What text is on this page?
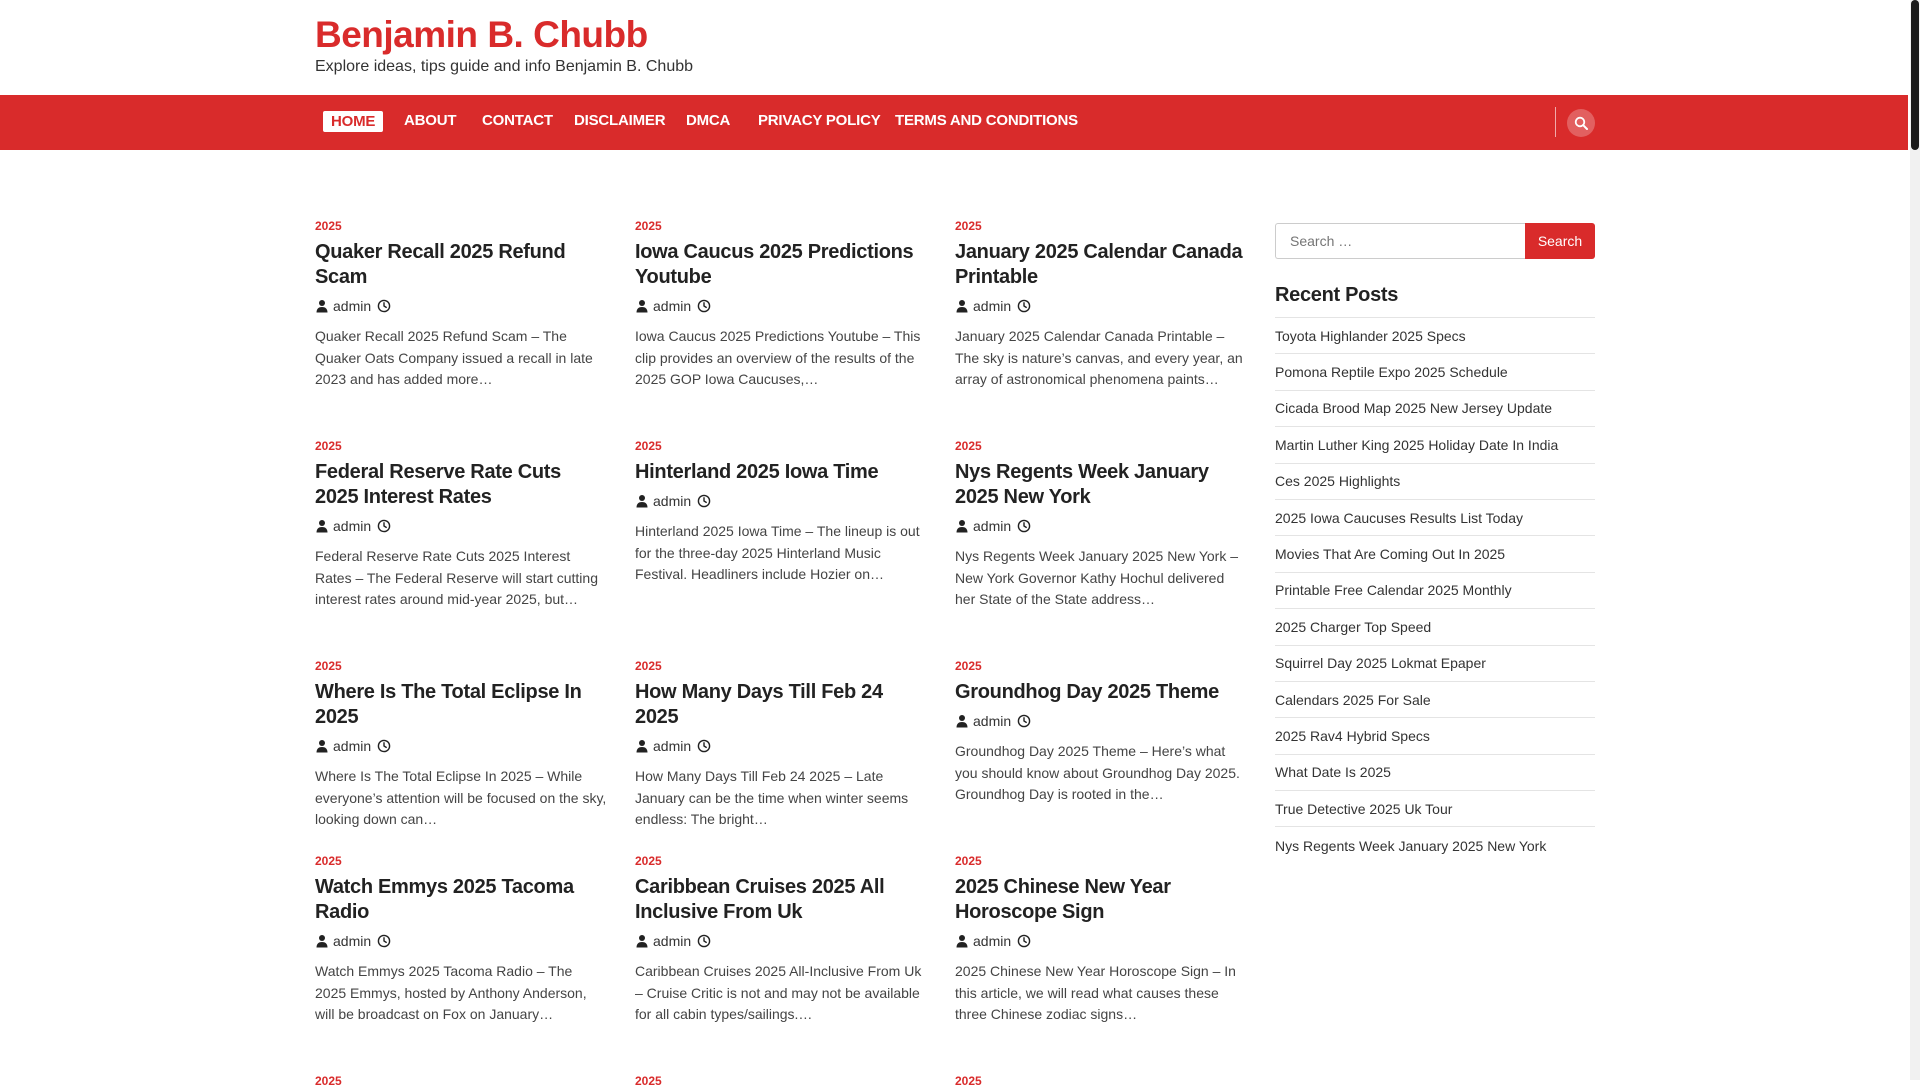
Benjamin B. Chubb
Explore ideas, tips guide and info Benjamin B. Chubb
HOME	ABOUT CONTACT DISCLAIMER DMCA PRIVACY POLICY TERMS AND CONDITIONS
2025
Quaker Recall 2025 Refund Scam
admin
Quaker Recall 2025 Refund Scam – The Quaker Oats Company issued a recall in late 2023 and has added more…
2025
Iowa Caucus 2025 Predictions Youtube
admin
Iowa Caucus 2025 Predictions Youtube – This clip provides an overview of the results of the 2025 GOP Iowa Caucuses,…
2025
January 2025 Calendar Canada Printable
admin
January 2025 Calendar Canada Printable – The sky is nature’s canvas, and every year, an array of astronomical phenomena paints…
2025
Federal Reserve Rate Cuts 2025 Interest Rates
admin
Federal Reserve Rate Cuts 2025 Interest Rates – The Federal Reserve will start cutting interest rates around mid-year 2025, but…
2025
Hinterland 2025 Iowa Time
admin
Hinterland 2025 Iowa Time – The lineup is out for the three-day 2025 Hinterland Music Festival. Headliners include Hozier on…
2025
Nys Regents Week January 2025 New York
admin
Nys Regents Week January 2025 New York – New York Governor Kathy Hochul delivered her State of the State address…
2025
Where Is The Total Eclipse In 2025
admin
Where Is The Total Eclipse In 2025 – While everyone’s attention will be focused on the sky, looking down can…
2025
How Many Days Till Feb 24 2025
admin
How Many Days Till Feb 24 2025 – Late January can be the time when winter seems endless: The bright…
2025
Groundhog Day 2025 Theme
admin
Groundhog Day 2025 Theme – Here’s what you should know about Groundhog Day 2025. Groundhog Day is rooted in the…
2025
Watch Emmys 2025 Tacoma Radio
admin
Watch Emmys 2025 Tacoma Radio – The 2025 Emmys, hosted by Anthony Anderson, will be broadcast on Fox on January…
2025
Caribbean Cruises 2025 All Inclusive From Uk
admin
Caribbean Cruises 2025 All-Inclusive From Uk – Cruise Critic is not and may not be available for all cabin types/sailings.…
2025
2025 Chinese New Year Horoscope Sign
admin
2025 Chinese New Year Horoscope Sign – In this article, we will read what causes these three Chinese zodiac signs…
2025	2025	2025
Search …
Search
Recent Posts
Toyota Highlander 2025 Specs
Pomona Reptile Expo 2025 Schedule
Cicada Brood Map 2025 New Jersey Update
Martin Luther King 2025 Holiday Date In India
Ces 2025 Highlights
2025 Iowa Caucuses Results List Today
Movies That Are Coming Out In 2025
Printable Free Calendar 2025 Monthly
2025 Charger Top Speed
Squirrel Day 2025 Lokmat Epaper
Calendars 2025 For Sale
2025 Rav4 Hybrid Specs
What Date Is 2025
True Detective 2025 Uk Tour
Nys Regents Week January 2025 New York
